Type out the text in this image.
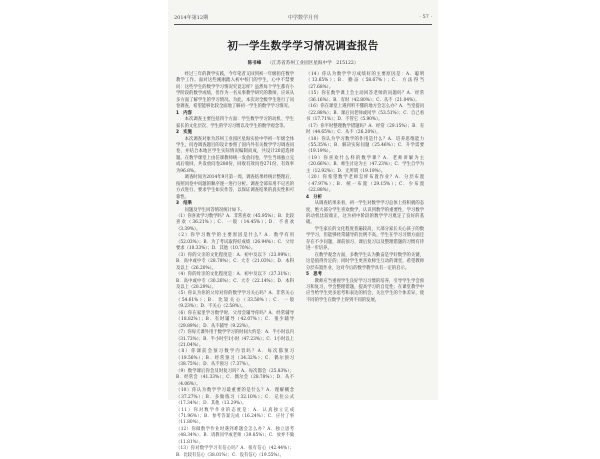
2014年第12期	中学数学月刊	· 57 ·
初一学生数学学习情况调查报告
陈书峰 （江苏省苏州工业园区星海中学　215122）

经过三年的教学实践，今年笔者又回到初一年级担任数学教学工作。面对这些刚刚踏入初中校门的学生，心中不禁要问：这些学生的数学学习情况究竟怎样？虽然每个学生都有小学阶段的数学成绩，但作为一名从事教学研究的教师，应该从多方面了解学生的学习情况。为此，本次对全级学生进行了问卷调查，希望能够比较全面地了解初一学生的数学学习情况。

1　内容

本次调查主要包括四个方面：学生数学学习的动机、学生家长的文化层次、学生的学习习惯以及学生的数学观念等。

2　实施

本次调查对象为苏州工业园区星海实验中学初一年级全体学生，问卷调查题目的设计参照了国内外有关数学学习调查问卷，并结合本地区学生实际情况编制而成，共设计20道选择题。在数学课堂上由任课教师统一发放问卷，学生当场独立完成后收回，共发放问卷280份，回收有效问卷271份，有效率为96.8%。

调查时间为2014年9月第一周，调查结果经统计整理后，按照问卷中问题的顺序逐一进行分析。调查全部采用不记名的方式进行，要求学生如实作答，以保证调查结果的真实性和可靠性。

3　结果

问题及学生回答情况统计如下。

（1）你喜欢学习数学吗？A．非常喜欢（45.95%）；B．比较喜欢（36.21%）；C．一般（14.45%）；D．不喜欢（3.39%）。

（2）你学习数学的主要原因是什么？A．数学有用（52.03%）；B．为了考试取得好成绩（26.94%）；C．父母要求（10.33%）；D．其他（10.70%）。

（3）你的父亲的文化程度是：A．初中及以下（23.99%）；B．高中或中专（28.78%）；C．大专（21.03%）；D．本科及以上（26.20%）。

（4）你的母亲的文化程度是：A．初中及以下（27.31%）；B．高中或中专（30.26%）；C．大专（22.14%）；D．本科及以上（20.29%）。

（5）你认为你的父母对你的数学学习关心吗？A．非常关心（54.61%）；B．比较关心（33.58%）；C．一般（9.23%）；D．不关心（2.58%）。

（6）你在家里学习数学时，父母会辅导你吗？A．经常辅导（18.82%）；B．有时辅导（42.07%）；C．很少辅导（29.89%）；D．从不辅导（9.22%）。

（7）你每天课外用于数学学习的时间大约是：A．半小时以内（31.73%）；B．半小时至1小时（47.23%）；C．1小时以上（21.04%）。

（8）你课前会预习数学内容吗？A．每次都预习（19.56%）；B．经常预习（34.32%）；C．偶尔预习（38.75%）；D．从不预习（7.37%）。

（9）数学课后你会及时复习吗？A．每次都会（25.83%）；B．经常会（41.33%）；C．偶尔会（28.78%）；D．从不（4.06%）。

（10）你认为数学学习最重要的是什么？A．理解概念（37.27%）；B．多做练习（32.10%）；C．记住公式（17.34%）；D．其他（13.29%）。

（11）你对数学作业的态度是：A．认真独立完成（71.96%）；B．参考答案完成（16.24%）；C．应付了事（11.80%）。

（12）你做数学作业时遇到难题会怎么办？A．独立思考（48.34%）；B．请教同学或老师（39.85%）；C．放弃不做（11.81%）。

（13）你对数学学习有信心吗？A．很有信心（42.44%）；B．比较有信心（38.01%）；C．没有信心（19.55%）。

（14）你认为数学学习成绩好的主要原因是：A．聪明（13.65%）；B．勤奋（58.67%）；C．方法得当（27.68%）。

（15）你在数学课上会主动回答老师的问题吗？A．经常（36.16%）；B．有时（42.80%）；C．从不（21.04%）。

（16）你在课堂上遇到听不懂的地方会怎么办？A．当堂提问（22.88%）；B．课后问老师或同学（53.51%）；C．自己看书（17.71%）；D．不管它（5.90%）。

（17）你平时整理数学错题吗？A．经常（29.15%）；B．有时（44.65%）；C．从不（26.20%）。

（18）你认为学习数学的作用是什么？A．培养思维能力（55.35%）；B．解决实际问题（25.46%）；C．升学需要（19.19%）。

（19）你喜欢什么样的数学课？A．老师讲解为主（20.66%）；B．师生讨论为主（47.23%）；C．学生自学为主（12.92%）；D．无所谓（19.19%）。

（20）你希望数学老师怎样布置作业？A．分层布置（47.97%）；B．统一布置（29.15%）；C．少布置（22.88%）。

4　分析

从调查结果来看，初一学生对数学学习总体上持积极的态度，绝大部分学生喜欢数学，认识到数学的重要性，学习数学的动机比较端正，这为初中阶段的数学学习奠定了良好的基础。

学生家长的文化程度普遍较高，大部分家长关心孩子的数学学习，但能够经常辅导的比例不高。学生在学习习惯方面还存在不少问题，课前预习、课后复习以及整理错题的习惯有待进一步培养。

在数学观念方面，多数学生认为勤奋是学好数学的关键，这是值得肯定的；同时学生更喜欢师生互动的课堂，希望教师分层布置作业，这对今后的数学教学具有一定的启示。

5　思考

教师应当重视学生良好学习习惯的培养，引导学生学会预习和复习，学会整理错题，提高学习的自觉性；在课堂教学中应当给学生更多思考和表达的机会，关注学生的个体差异，使不同的学生在数学上得到不同的发展。
